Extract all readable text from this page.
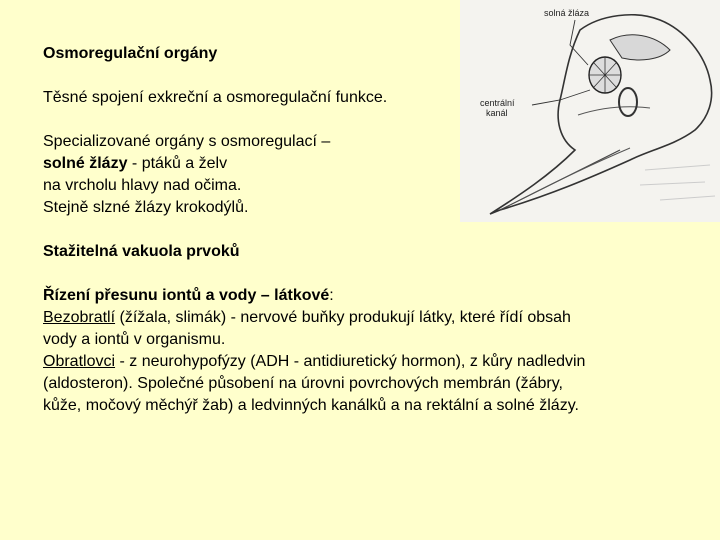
Osmoregulační orgány

Těsné spojení exkreční a osmoregulační funkce.

Specializované orgány s osmoregulací –
solné žlázy - ptáků a želv
na vrcholu hlavy nad očima.
Stejně slzné žlázy krokodýlů.

Stažitelná vakuola prvoků

Řízení přesunu iontů a vody – látkové:

Bezobratlí (žížala, slimák) - nervové buňky produkují látky, které řídí obsah vody a iontů v organismu.

Obratlovci - z neurohypofýzy (ADH - antidiuretický hormon), z kůry nadledvin (aldosteron). Společné působení na úrovni povrchových membrán (žábry, kůže, močový měchýř žab) a ledvinných kanálků a na rektální a solné žlázy.

solná žláza
centrální
kanál
